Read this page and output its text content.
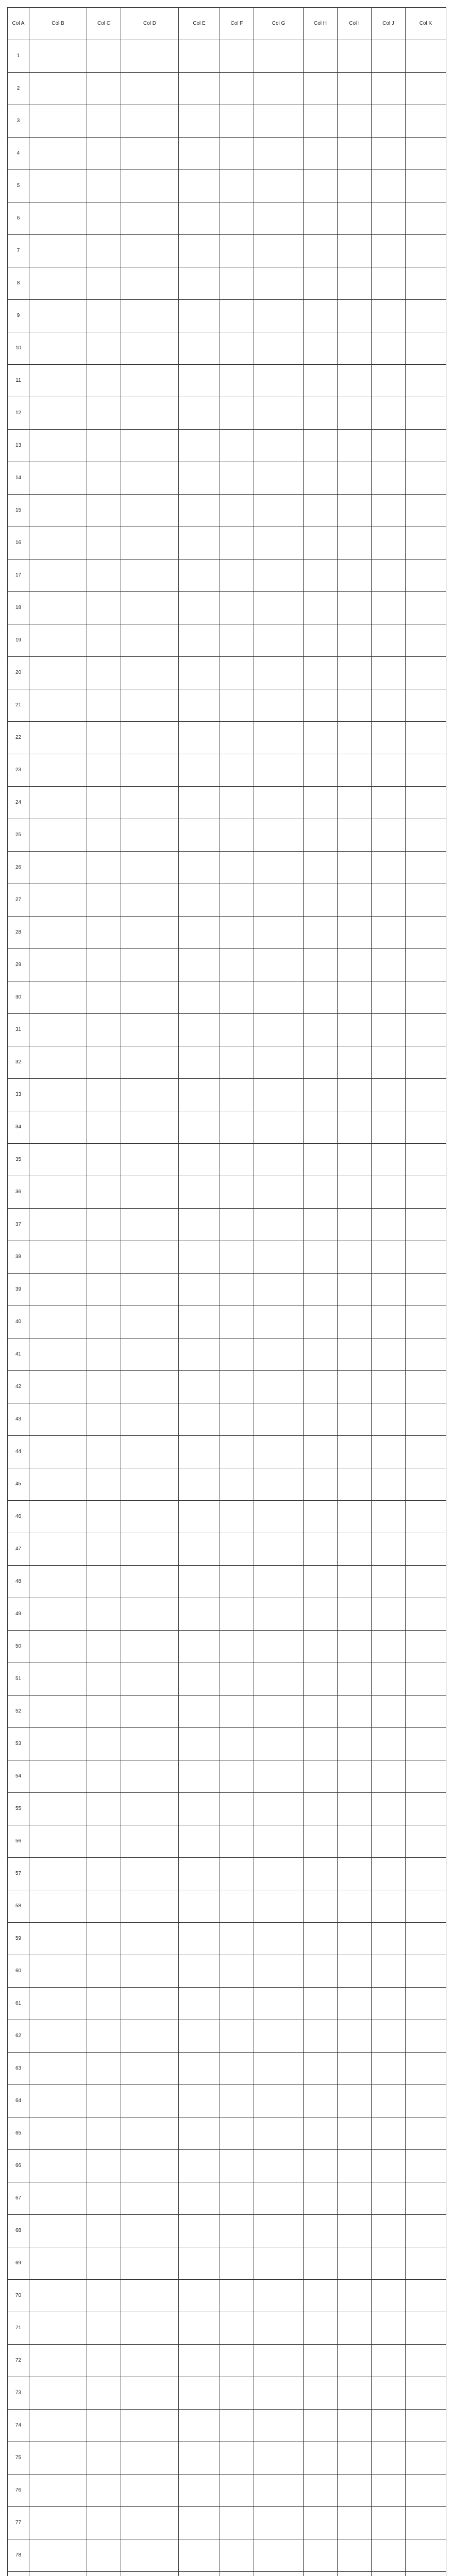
Col A	Col B	Col C	Col D	Col E	Col F	Col G	Col H	Col I	Col J	Col K
1										
2										
3										
4										
5										
6										
7										
8										
9										
10										
11										
12										
13										
14										
15										
16										
17										
18										
19										
20										
21										
22										
23										
24										
25										
26										
27										
28										
29										
30										
31										
32										
33										
34										
35										
36										
37										
38										
39										
40										
41										
42										
43										
44										
45										
46										
47										
48										
49										
50										
51										
52										
53										
54										
55										
56										
57										
58										
59										
60										
61										
62										
63										
64										
65										
66										
67										
68										
69										
70										
71										
72										
73										
74										
75										
76										
77										
78										
